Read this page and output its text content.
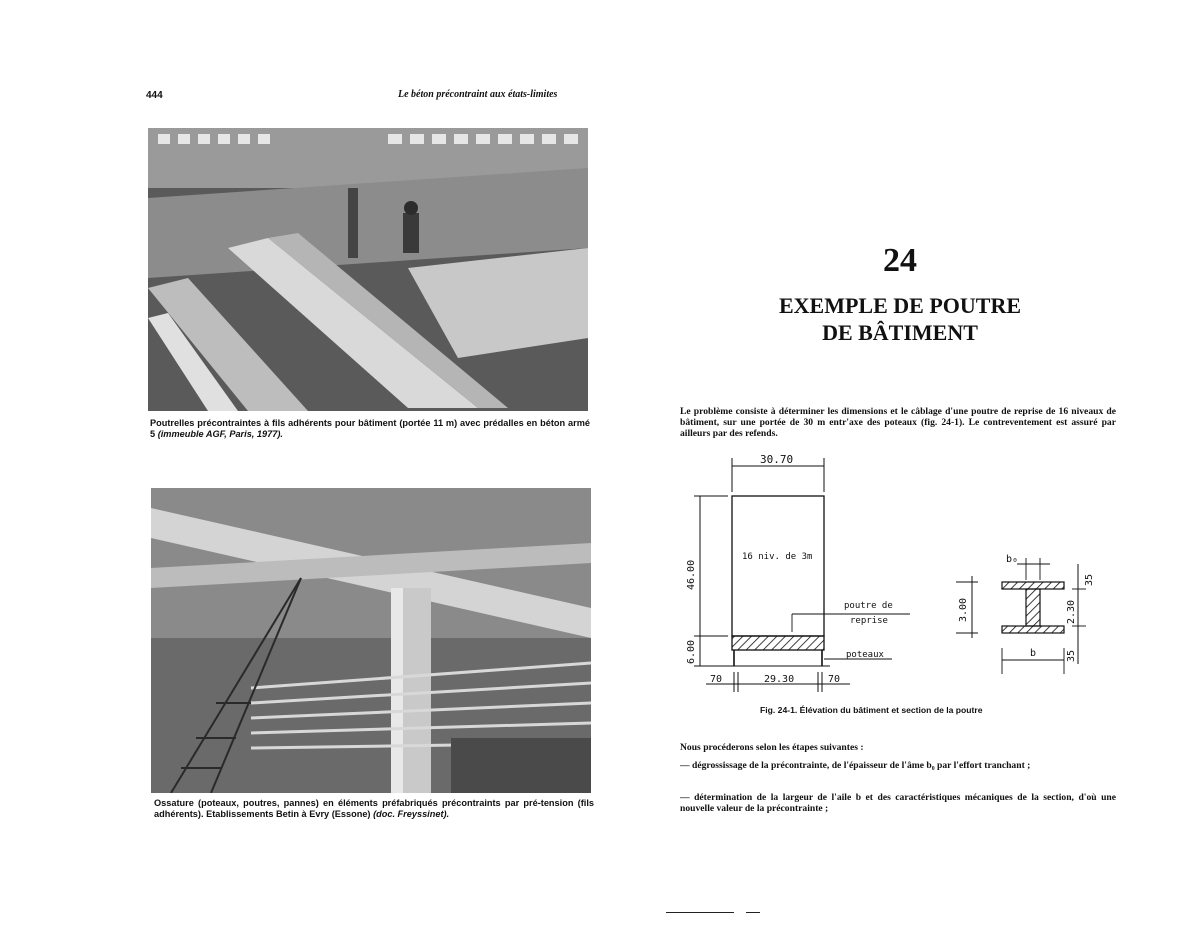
444	Le béton précontraint aux états-limites
Poutrelles précontraintes à fils adhérents pour bâtiment (portée 11 m) avec prédalles en béton armé 5 (immeuble AGF, Paris, 1977).
Ossature (poteaux, poutres, pannes) en éléments préfabriqués précontraints par pré-tension (fils adhérents). Etablissements Betin à Evry (Essone) (doc. Freyssinet).
24
EXEMPLE DE POUTRE
DE BÂTIMENT
Le problème consiste à déterminer les dimensions et le câblage d'une poutre de reprise de 16 niveaux de bâtiment, sur une portée de 30 m entr'axe des poteaux (fig. 24-1). Le contreventement est assuré par ailleurs par des refends.
30.70
16 niv. de 3m
46.00
6.00
poutre de
reprise
poteaux
70	29.30	70
b₀
3.00	2.30
35
35
b
Fig. 24-1. Élévation du bâtiment et section de la poutre
Nous procéderons selon les étapes suivantes :
— dégrossissage de la précontrainte, de l'épaisseur de l'âme b₀ par l'effort tranchant ;
— détermination de la largeur de l'aile b et des caractéristiques mécaniques de la section, d'où une nouvelle valeur de la précontrainte ;
